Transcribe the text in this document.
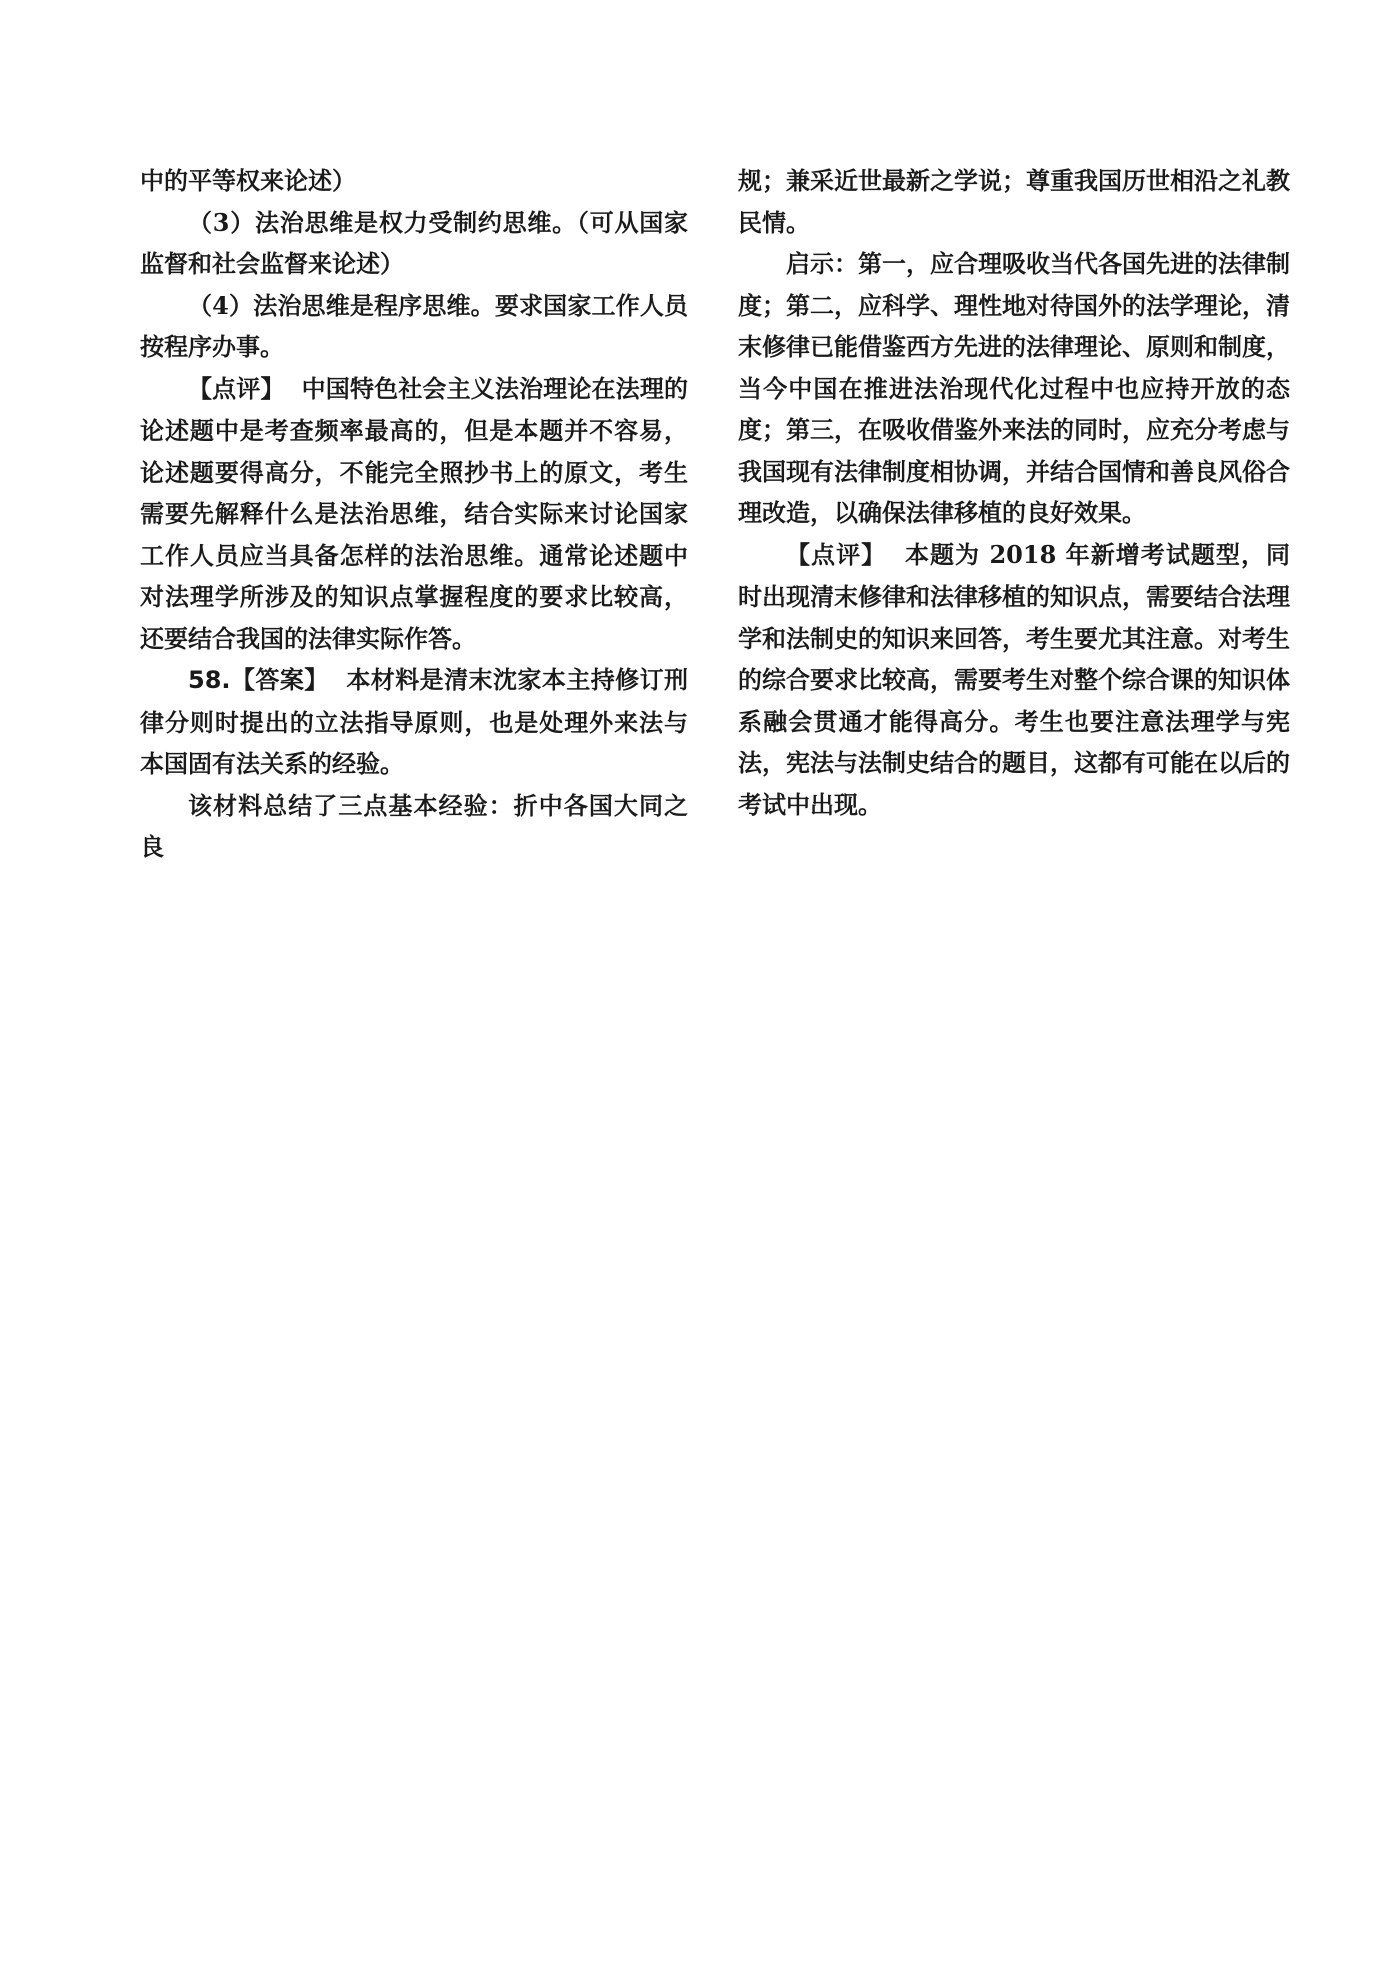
中的平等权来论述）

（3）法治思维是权力受制约思维。（可从国家监督和社会监督来论述）

（4）法治思维是程序思维。要求国家工作人员按程序办事。

【点评】 中国特色社会主义法治理论在法理的论述题中是考查频率最高的，但是本题并不容易，论述题要得高分，不能完全照抄书上的原文，考生需要先解释什么是法治思维，结合实际来讨论国家工作人员应当具备怎样的法治思维。通常论述题中对法理学所涉及的知识点掌握程度的要求比较高，还要结合我国的法律实际作答。

58.【答案】 本材料是清末沈家本主持修订刑律分则时提出的立法指导原则，也是处理外来法与本国固有法关系的经验。

该材料总结了三点基本经验：折中各国大同之良

规；兼采近世最新之学说；尊重我国历世相沿之礼教民情。

启示：第一，应合理吸收当代各国先进的法律制度；第二，应科学、理性地对待国外的法学理论，清末修律已能借鉴西方先进的法律理论、原则和制度，当今中国在推进法治现代化过程中也应持开放的态度；第三，在吸收借鉴外来法的同时，应充分考虑与我国现有法律制度相协调，并结合国情和善良风俗合理改造，以确保法律移植的良好效果。

【点评】 本题为 2018 年新增考试题型，同时出现清末修律和法律移植的知识点，需要结合法理学和法制史的知识来回答，考生要尤其注意。对考生的综合要求比较高，需要考生对整个综合课的知识体系融会贯通才能得高分。考生也要注意法理学与宪法，宪法与法制史结合的题目，这都有可能在以后的考试中出现。
